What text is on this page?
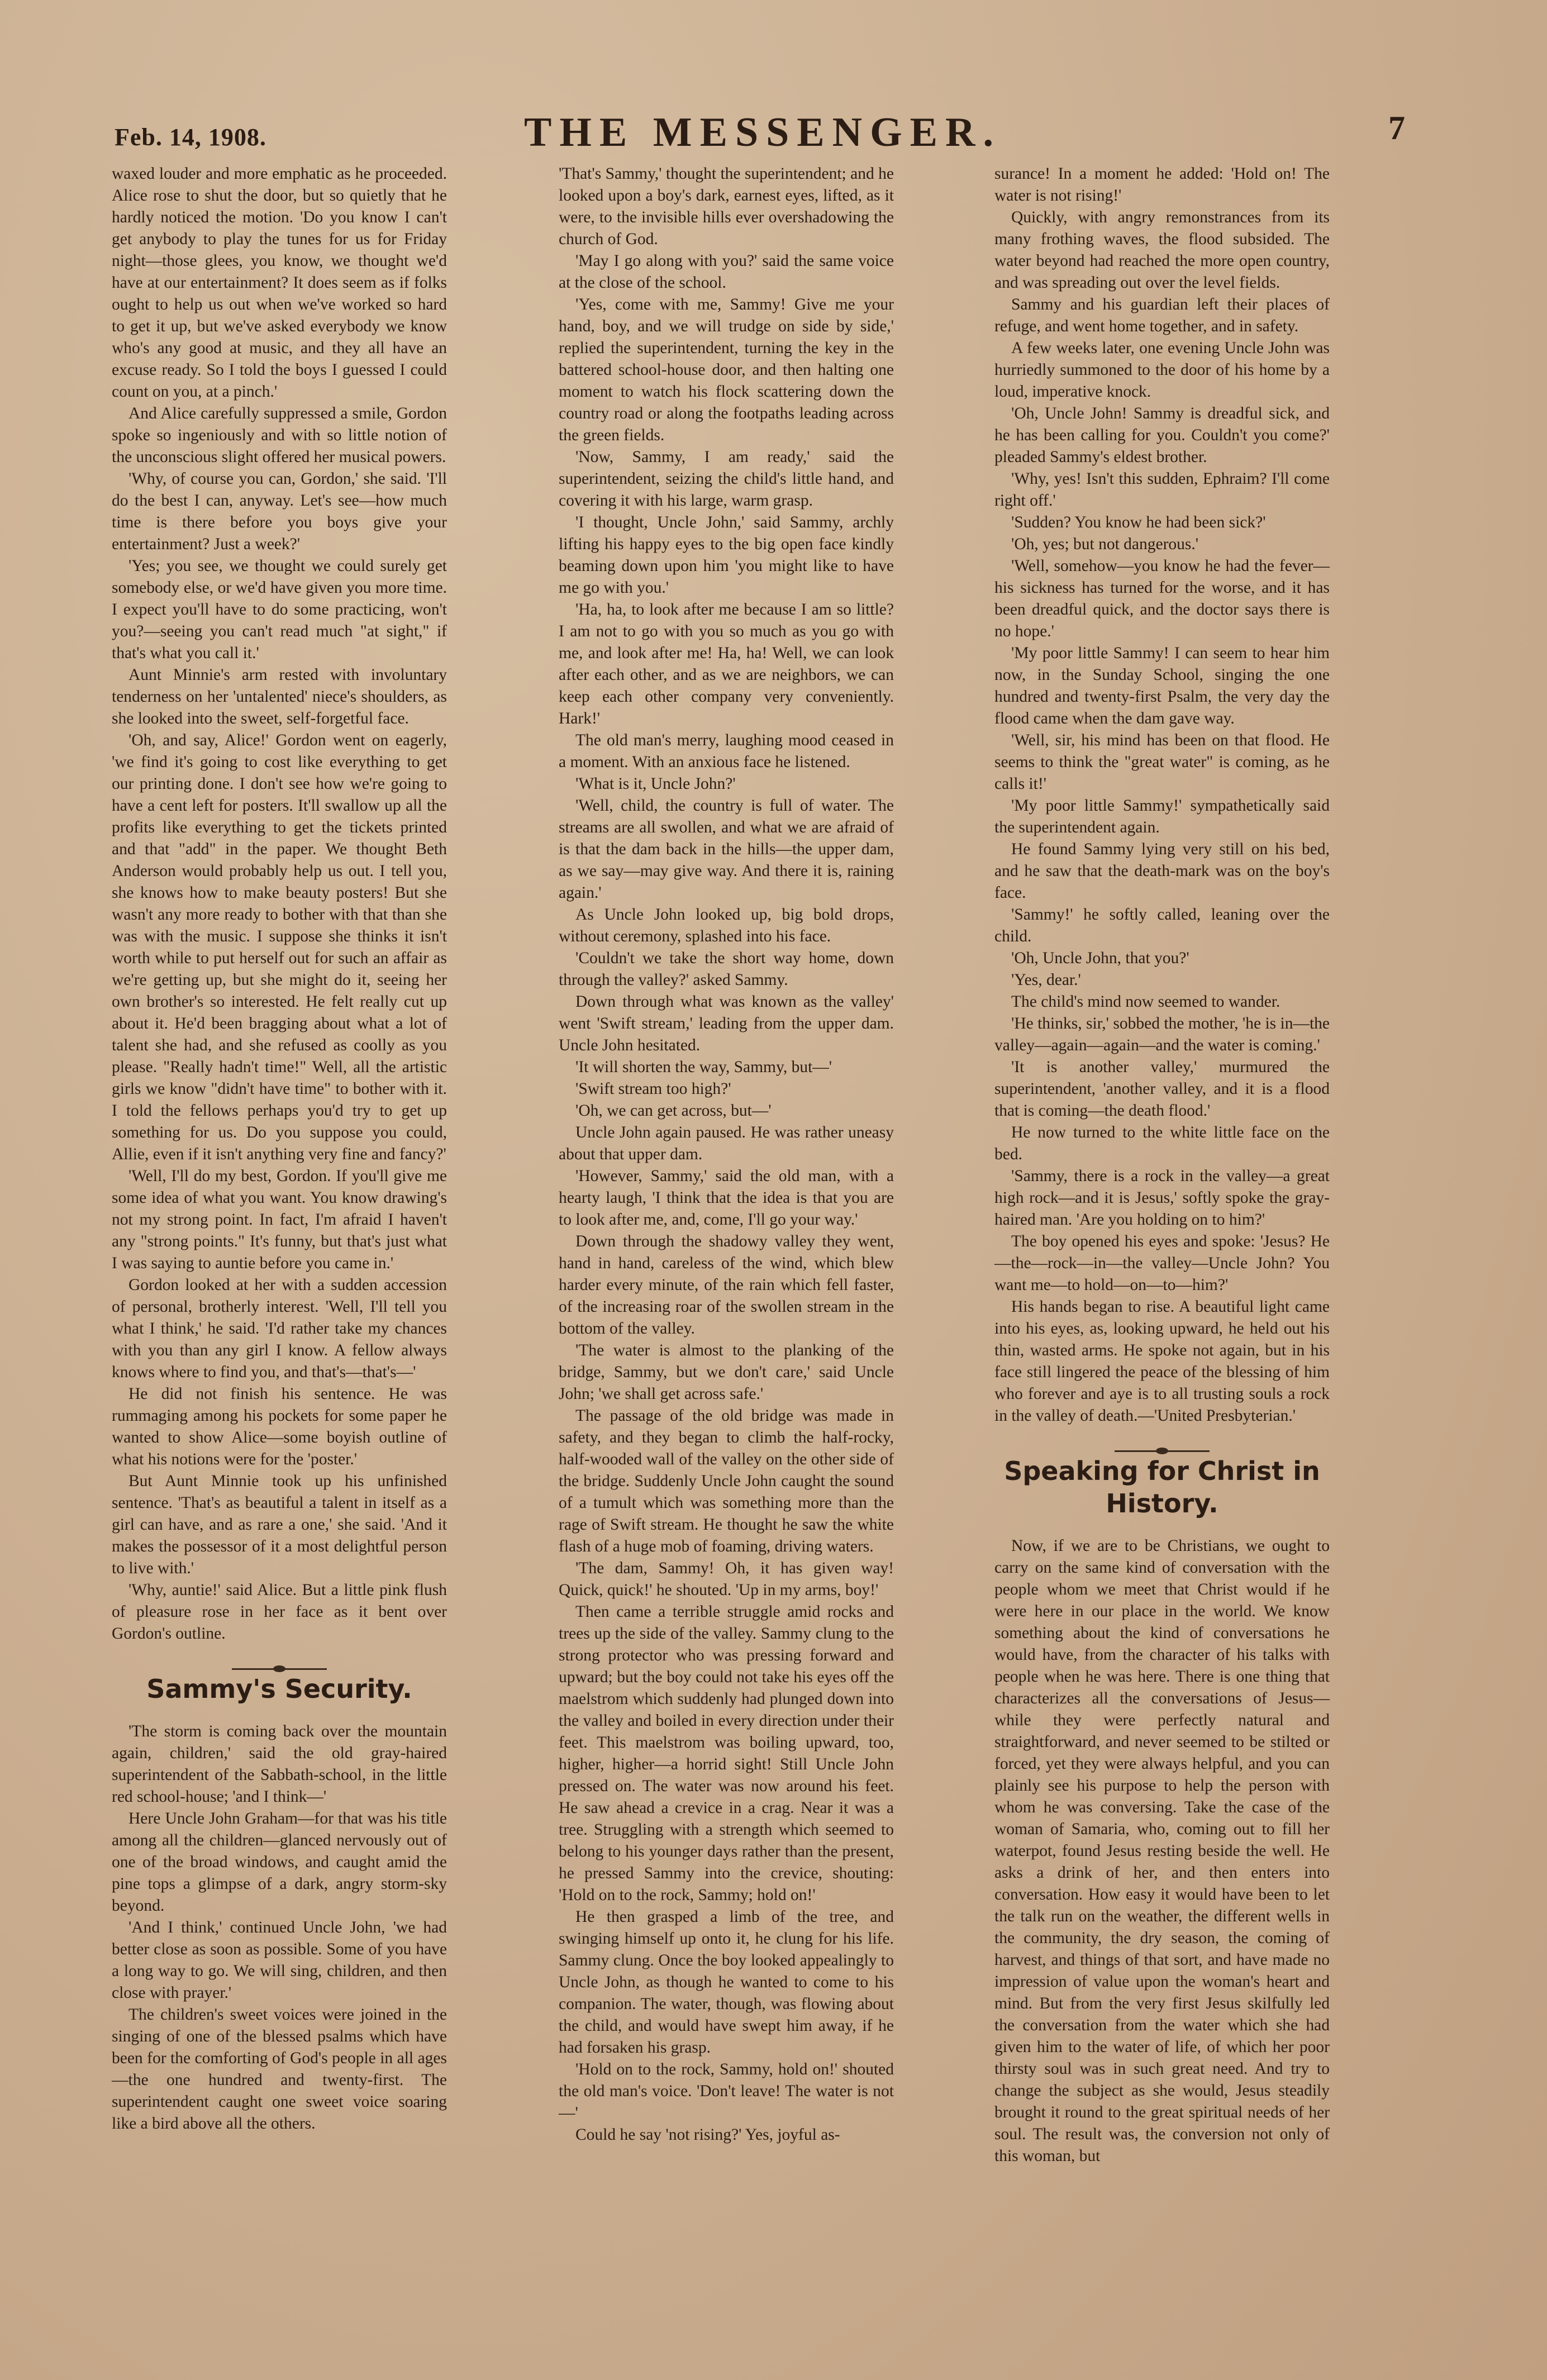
Feb. 14, 1908.	THE MESSENGER.	7

waxed louder and more emphatic as he proceeded. Alice rose to shut the door, but so quietly that he hardly noticed the motion. 'Do you know I can't get anybody to play the tunes for us for Friday night—those glees, you know, we thought we'd have at our entertainment? It does seem as if folks ought to help us out when we've worked so hard to get it up, but we've asked everybody we know who's any good at music, and they all have an excuse ready. So I told the boys I guessed I could count on you, at a pinch.'

And Alice carefully suppressed a smile, Gordon spoke so ingeniously and with so little notion of the unconscious slight offered her musical powers.

'Why, of course you can, Gordon,' she said. 'I'll do the best I can, anyway. Let's see—how much time is there before you boys give your entertainment? Just a week?'

'Yes; you see, we thought we could surely get somebody else, or we'd have given you more time. I expect you'll have to do some practicing, won't you?—seeing you can't read much "at sight," if that's what you call it.'

Aunt Minnie's arm rested with involuntary tenderness on her 'untalented' niece's shoulders, as she looked into the sweet, self-forgetful face.

'Oh, and say, Alice!' Gordon went on eagerly, 'we find it's going to cost like everything to get our printing done. I don't see how we're going to have a cent left for posters. It'll swallow up all the profits like everything to get the tickets printed and that "add" in the paper. We thought Beth Anderson would probably help us out. I tell you, she knows how to make beauty posters! But she wasn't any more ready to bother with that than she was with the music. I suppose she thinks it isn't worth while to put herself out for such an affair as we're getting up, but she might do it, seeing her own brother's so interested. He felt really cut up about it. He'd been bragging about what a lot of talent she had, and she refused as coolly as you please. "Really hadn't time!" Well, all the artistic girls we know "didn't have time" to bother with it. I told the fellows perhaps you'd try to get up something for us. Do you suppose you could, Allie, even if it isn't anything very fine and fancy?'

'Well, I'll do my best, Gordon. If you'll give me some idea of what you want. You know drawing's not my strong point. In fact, I'm afraid I haven't any "strong points." It's funny, but that's just what I was saying to auntie before you came in.'

Gordon looked at her with a sudden accession of personal, brotherly interest. 'Well, I'll tell you what I think,' he said. 'I'd rather take my chances with you than any girl I know. A fellow always knows where to find you, and that's—that's—'

He did not finish his sentence. He was rummaging among his pockets for some paper he wanted to show Alice—some boyish outline of what his notions were for the 'poster.'

But Aunt Minnie took up his unfinished sentence. 'That's as beautiful a talent in itself as a girl can have, and as rare a one,' she said. 'And it makes the possessor of it a most delightful person to live with.'

'Why, auntie!' said Alice. But a little pink flush of pleasure rose in her face as it bent over Gordon's outline.

Sammy's Security.

'The storm is coming back over the mountain again, children,' said the old gray-haired superintendent of the Sabbath-school, in the little red school-house; 'and I think—'

Here Uncle John Graham—for that was his title among all the children—glanced nervously out of one of the broad windows, and caught amid the pine tops a glimpse of a dark, angry storm-sky beyond.

'And I think,' continued Uncle John, 'we had better close as soon as possible. Some of you have a long way to go. We will sing, children, and then close with prayer.'

The children's sweet voices were joined in the singing of one of the blessed psalms which have been for the comforting of God's people in all ages—the one hundred and twenty-first. The superintendent caught one sweet voice soaring like a bird above all the others.

'That's Sammy,' thought the superintendent; and he looked upon a boy's dark, earnest eyes, lifted, as it were, to the invisible hills ever overshadowing the church of God.

'May I go along with you?' said the same voice at the close of the school.

'Yes, come with me, Sammy! Give me your hand, boy, and we will trudge on side by side,' replied the superintendent, turning the key in the battered school-house door, and then halting one moment to watch his flock scattering down the country road or along the footpaths leading across the green fields.

'Now, Sammy, I am ready,' said the superintendent, seizing the child's little hand, and covering it with his large, warm grasp.

'I thought, Uncle John,' said Sammy, archly lifting his happy eyes to the big open face kindly beaming down upon him 'you might like to have me go with you.'

'Ha, ha, to look after me because I am so little? I am not to go with you so much as you go with me, and look after me! Ha, ha! Well, we can look after each other, and as we are neighbors, we can keep each other company very conveniently. Hark!'

The old man's merry, laughing mood ceased in a moment. With an anxious face he listened.

'What is it, Uncle John?'

'Well, child, the country is full of water. The streams are all swollen, and what we are afraid of is that the dam back in the hills—the upper dam, as we say—may give way. And there it is, raining again.'

As Uncle John looked up, big bold drops, without ceremony, splashed into his face.

'Couldn't we take the short way home, down through the valley?' asked Sammy.

Down through what was known as the valley' went 'Swift stream,' leading from the upper dam. Uncle John hesitated.

'It will shorten the way, Sammy, but—'

'Swift stream too high?'

'Oh, we can get across, but—'

Uncle John again paused. He was rather uneasy about that upper dam.

'However, Sammy,' said the old man, with a hearty laugh, 'I think that the idea is that you are to look after me, and, come, I'll go your way.'

Down through the shadowy valley they went, hand in hand, careless of the wind, which blew harder every minute, of the rain which fell faster, of the increasing roar of the swollen stream in the bottom of the valley.

'The water is almost to the planking of the bridge, Sammy, but we don't care,' said Uncle John; 'we shall get across safe.'

The passage of the old bridge was made in safety, and they began to climb the half-rocky, half-wooded wall of the valley on the other side of the bridge. Suddenly Uncle John caught the sound of a tumult which was something more than the rage of Swift stream. He thought he saw the white flash of a huge mob of foaming, driving waters.

'The dam, Sammy! Oh, it has given way! Quick, quick!' he shouted. 'Up in my arms, boy!'

Then came a terrible struggle amid rocks and trees up the side of the valley. Sammy clung to the strong protector who was pressing forward and upward; but the boy could not take his eyes off the maelstrom which suddenly had plunged down into the valley and boiled in every direction under their feet. This maelstrom was boiling upward, too, higher, higher—a horrid sight! Still Uncle John pressed on. The water was now around his feet. He saw ahead a crevice in a crag. Near it was a tree. Struggling with a strength which seemed to belong to his younger days rather than the present, he pressed Sammy into the crevice, shouting: 'Hold on to the rock, Sammy; hold on!'

He then grasped a limb of the tree, and swinging himself up onto it, he clung for his life. Sammy clung. Once the boy looked appealingly to Uncle John, as though he wanted to come to his companion. The water, though, was flowing about the child, and would have swept him away, if he had forsaken his grasp.

'Hold on to the rock, Sammy, hold on!' shouted the old man's voice. 'Don't leave! The water is not—'

Could he say 'not rising?' Yes, joyful as-

surance! In a moment he added: 'Hold on! The water is not rising!'

Quickly, with angry remonstrances from its many frothing waves, the flood subsided. The water beyond had reached the more open country, and was spreading out over the level fields.

Sammy and his guardian left their places of refuge, and went home together, and in safety.

A few weeks later, one evening Uncle John was hurriedly summoned to the door of his home by a loud, imperative knock.

'Oh, Uncle John! Sammy is dreadful sick, and he has been calling for you. Couldn't you come?' pleaded Sammy's eldest brother.

'Why, yes! Isn't this sudden, Ephraim? I'll come right off.'

'Sudden? You know he had been sick?'

'Oh, yes; but not dangerous.'

'Well, somehow—you know he had the fever—his sickness has turned for the worse, and it has been dreadful quick, and the doctor says there is no hope.'

'My poor little Sammy! I can seem to hear him now, in the Sunday School, singing the one hundred and twenty-first Psalm, the very day the flood came when the dam gave way.

'Well, sir, his mind has been on that flood. He seems to think the "great water" is coming, as he calls it!'

'My poor little Sammy!' sympathetically said the superintendent again.

He found Sammy lying very still on his bed, and he saw that the death-mark was on the boy's face.

'Sammy!' he softly called, leaning over the child.

'Oh, Uncle John, that you?'

'Yes, dear.'

The child's mind now seemed to wander.

'He thinks, sir,' sobbed the mother, 'he is in—the valley—again—again—and the water is coming.'

'It is another valley,' murmured the superintendent, 'another valley, and it is a flood that is coming—the death flood.'

He now turned to the white little face on the bed.

'Sammy, there is a rock in the valley—a great high rock—and it is Jesus,' softly spoke the gray-haired man. 'Are you holding on to him?'

The boy opened his eyes and spoke: 'Jesus? He—the—rock—in—the valley—Uncle John? You want me—to hold—on—to—him?'

His hands began to rise. A beautiful light came into his eyes, as, looking upward, he held out his thin, wasted arms. He spoke not again, but in his face still lingered the peace of the blessing of him who forever and aye is to all trusting souls a rock in the valley of death.—'United Presbyterian.'

Speaking for Christ in History.

Now, if we are to be Christians, we ought to carry on the same kind of conversation with the people whom we meet that Christ would if he were here in our place in the world. We know something about the kind of conversations he would have, from the character of his talks with people when he was here. There is one thing that characterizes all the conversations of Jesus—while they were perfectly natural and straightforward, and never seemed to be stilted or forced, yet they were always helpful, and you can plainly see his purpose to help the person with whom he was conversing. Take the case of the woman of Samaria, who, coming out to fill her waterpot, found Jesus resting beside the well. He asks a drink of her, and then enters into conversation. How easy it would have been to let the talk run on the weather, the different wells in the community, the dry season, the coming of harvest, and things of that sort, and have made no impression of value upon the woman's heart and mind. But from the very first Jesus skilfully led the conversation from the water which she had given him to the water of life, of which her poor thirsty soul was in such great need. And try to change the subject as she would, Jesus steadily brought it round to the great spiritual needs of her soul. The result was, the conversion not only of this woman, but
